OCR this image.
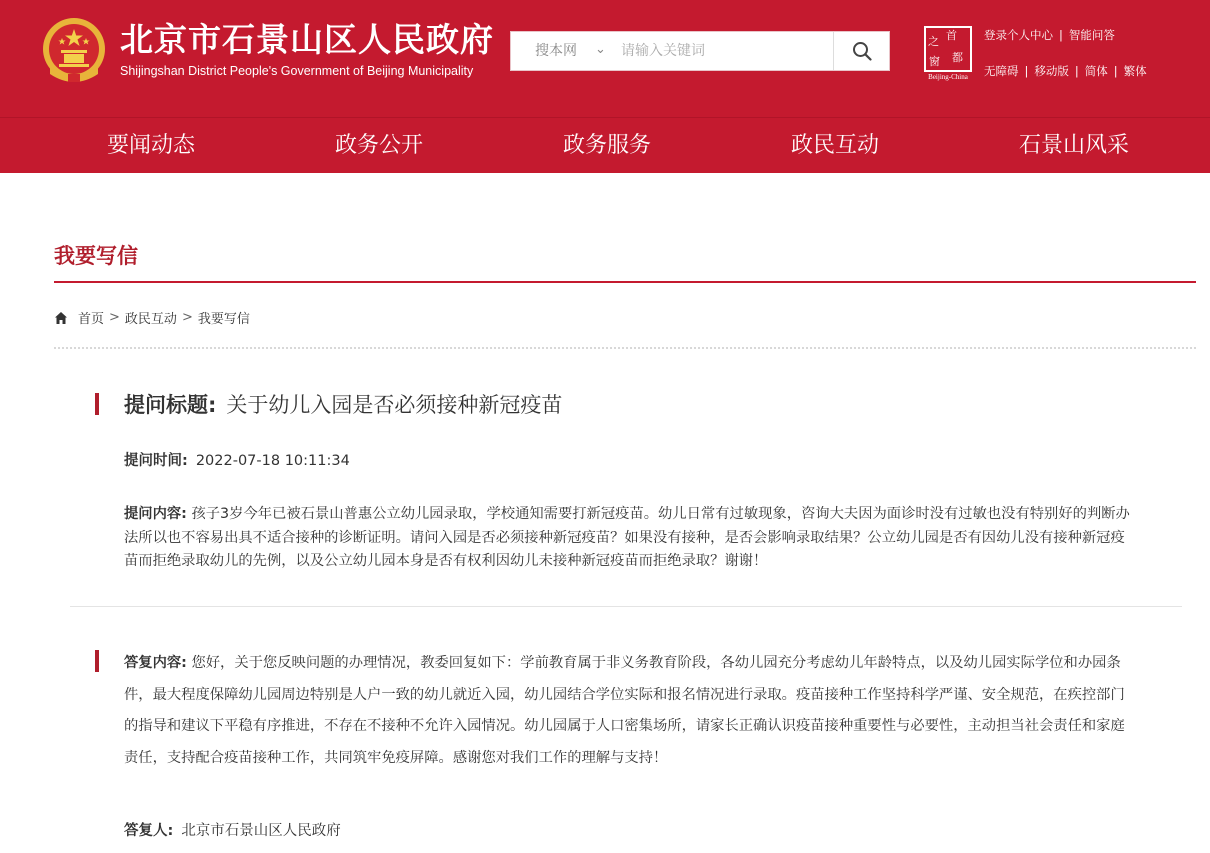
北京市石景山区人民政府
Shijingshan District People's Government of Beijing Municipality
搜本网 ⌄
请输入关键词
首
之
都
窗
Beijing-China
登录个人中心 | 智能问答
无障碍 | 移动版 | 简体 | 繁体
要闻动态	政务公开	政务服务	政民互动	石景山风采
我要写信
首页 > 政民互动 > 我要写信
提问标题: 关于幼儿入园是否必须接种新冠疫苗
提问时间: 2022-07-18 10:11:34
提问内容: 孩子3岁今年已被石景山普惠公立幼儿园录取，学校通知需要打新冠疫苗。幼儿日常有过敏现象，咨询大夫因为面诊时没有过敏也没有特别好的判断办法所以也不容易出具不适合接种的诊断证明。请问入园是否必须接种新冠疫苗？如果没有接种，是否会影响录取结果？公立幼儿园是否有因幼儿没有接种新冠疫苗而拒绝录取幼儿的先例，以及公立幼儿园本身是否有权利因幼儿未接种新冠疫苗而拒绝录取？谢谢！
答复内容: 您好，关于您反映问题的办理情况，教委回复如下：学前教育属于非义务教育阶段，各幼儿园充分考虑幼儿年龄特点，以及幼儿园实际学位和办园条件，最大程度保障幼儿园周边特别是人户一致的幼儿就近入园，幼儿园结合学位实际和报名情况进行录取。疫苗接种工作坚持科学严谨、安全规范，在疾控部门的指导和建议下平稳有序推进，不存在不接种不允许入园情况。幼儿园属于人口密集场所，请家长正确认识疫苗接种重要性与必要性，主动担当社会责任和家庭责任，支持配合疫苗接种工作，共同筑牢免疫屏障。感谢您对我们工作的理解与支持！
答复人: 北京市石景山区人民政府
